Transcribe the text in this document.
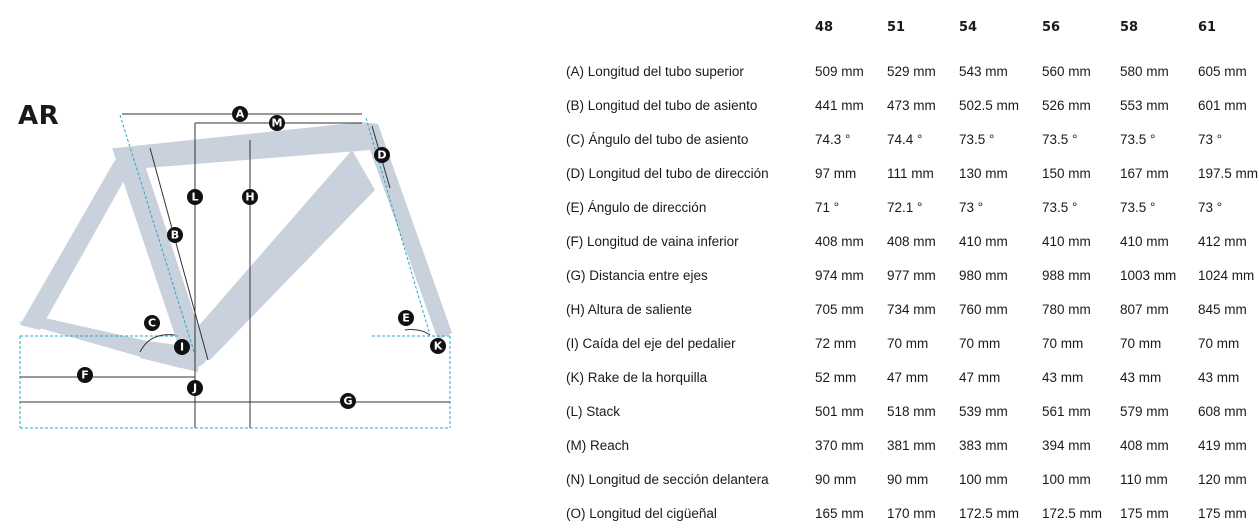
AR	A
M
D
L	H
B
C	E
I	K
F
J
G
48	51	54	56	58	61
(A) Longitud del tubo superior	509 mm 529 mm 543 mm	560 mm 580 mm 605 mm
(B) Longitud del tubo de asiento	441 mm 473 mm 502.5 mm 526 mm 553 mm 601 mm
(C) Ángulo del tubo de asiento	74.3 °	74.4 °	73.5 °	73.5 °	73.5 °	73 °
(D) Longitud del tubo de dirección	97 mm 111 mm 130 mm	150 mm 167 mm 197.5 mm
(E) Ángulo de dirección	71 °	72.1 °	73 °	73.5 °	73.5 °	73 °
(F) Longitud de vaina inferior	408 mm 408 mm 410 mm	410 mm 410 mm 412 mm
(G) Distancia entre ejes	974 mm 977 mm 980 mm	988 mm 1003 mm 1024 mm
(H) Altura de saliente	705 mm 734 mm 760 mm	780 mm 807 mm 845 mm
(I) Caída del eje del pedalier	72 mm 70 mm 70 mm	70 mm	70 mm	70 mm
(K) Rake de la horquilla	52 mm 47 mm 47 mm	43 mm	43 mm	43 mm
(L) Stack	501 mm 518 mm 539 mm	561 mm 579 mm 608 mm
(M) Reach	370 mm 381 mm 383 mm	394 mm 408 mm 419 mm
(N) Longitud de sección delantera	90 mm 90 mm 100 mm	100 mm 110 mm 120 mm
(O) Longitud del cigüeñal	165 mm 170 mm 172.5 mm 172.5 mm 175 mm 175 mm
